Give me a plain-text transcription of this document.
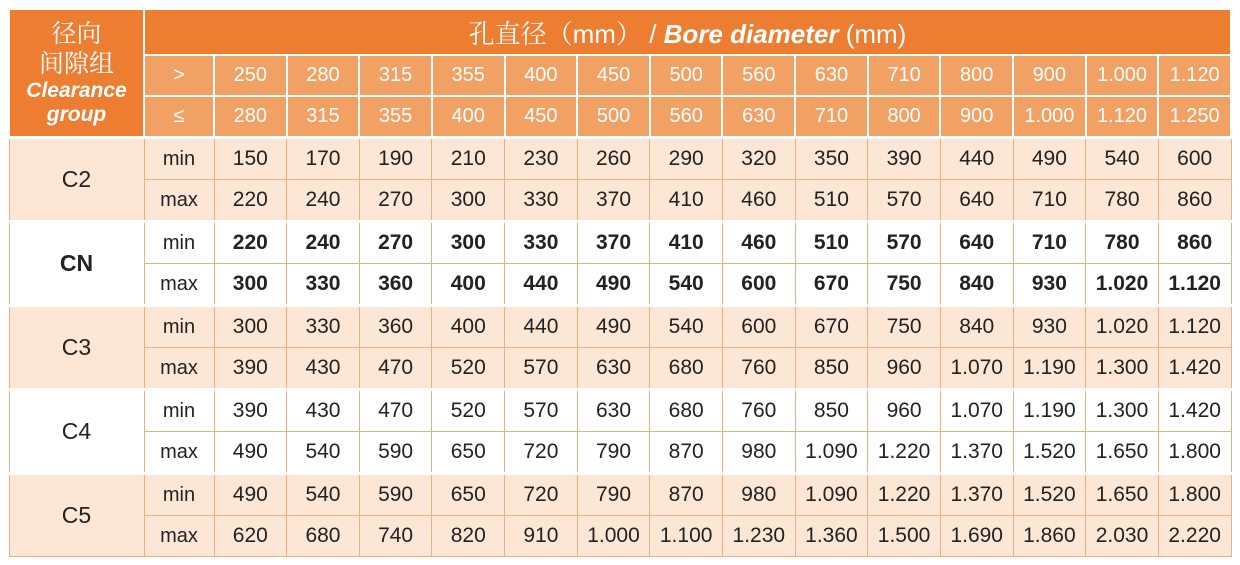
径向
间隙组
Clearance
group	孔直径（mm） / Bore diameter (mm)														
	>	250	280	315	355	400	450	500	560	630	710	800	900	1.000	1.120
	≤	280	315	355	400	450	500	560	630	710	800	900	1.000	1.120	1.250
C2	min	150	170	190	210	230	260	290	320	350	390	440	490	540	600
	max	220	240	270	300	330	370	410	460	510	570	640	710	780	860
CN	min	220	240	270	300	330	370	410	460	510	570	640	710	780	860
	max	300	330	360	400	440	490	540	600	670	750	840	930	1.020	1.120
C3	min	300	330	360	400	440	490	540	600	670	750	840	930	1.020	1.120
	max	390	430	470	520	570	630	680	760	850	960	1.070	1.190	1.300	1.420
C4	min	390	430	470	520	570	630	680	760	850	960	1.070	1.190	1.300	1.420
	max	490	540	590	650	720	790	870	980	1.090	1.220	1.370	1.520	1.650	1.800
C5	min	490	540	590	650	720	790	870	980	1.090	1.220	1.370	1.520	1.650	1.800
	max	620	680	740	820	910	1.000	1.100	1.230	1.360	1.500	1.690	1.860	2.030	2.220
